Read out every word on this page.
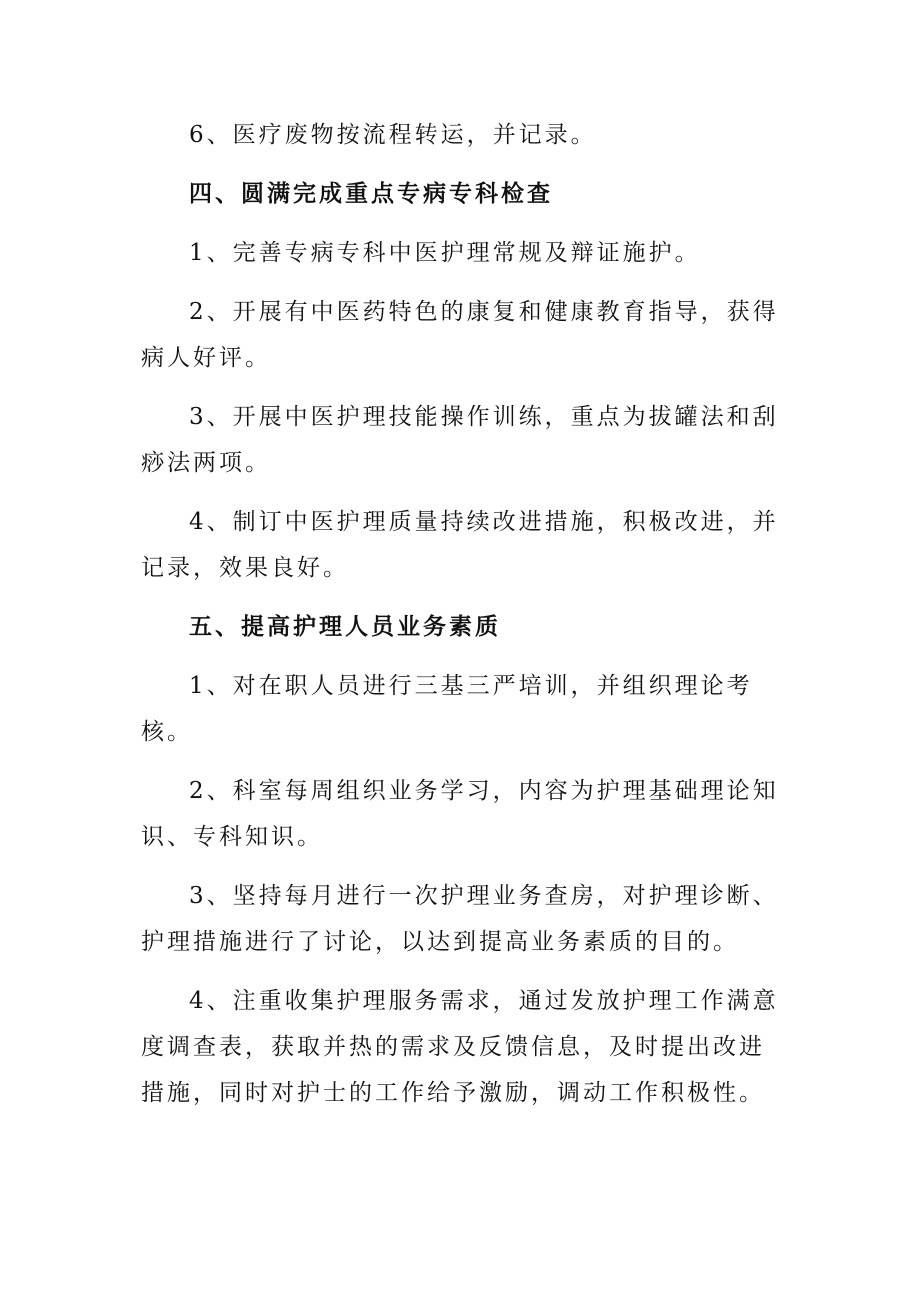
6、医疗废物按流程转运，并记录。

四、圆满完成重点专病专科检查

1、完善专病专科中医护理常规及辩证施护。

2、开展有中医药特色的康复和健康教育指导，获得病人好评。

3、开展中医护理技能操作训练，重点为拔罐法和刮痧法两项。

4、制订中医护理质量持续改进措施，积极改进，并记录，效果良好。

五、提高护理人员业务素质

1、对在职人员进行三基三严培训，并组织理论考核。

2、科室每周组织业务学习，内容为护理基础理论知识、专科知识。

3、坚持每月进行一次护理业务查房，对护理诊断、护理措施进行了讨论，以达到提高业务素质的目的。

4、注重收集护理服务需求，通过发放护理工作满意度调查表，获取并热的需求及反馈信息，及时提出改进措施，同时对护士的工作给予激励，调动工作积极性。
